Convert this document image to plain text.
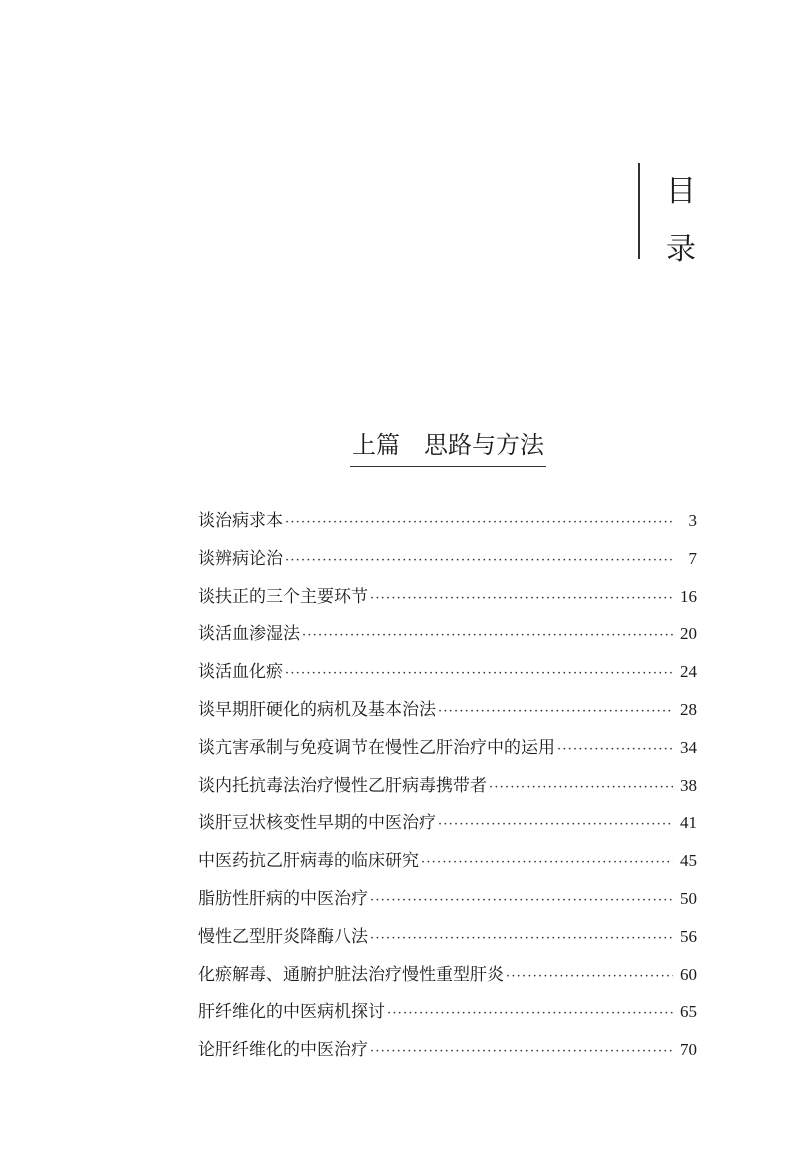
目录
上篇　思路与方法
谈治病求本 ·····	3
谈辨病论治 ·····	7
谈扶正的三个主要环节 ·····	16
谈活血渗湿法 ·····	20
谈活血化瘀 ·····	24
谈早期肝硬化的病机及基本治法 ·····	28
谈亢害承制与免疫调节在慢性乙肝治疗中的运用 ·····	34
谈内托抗毒法治疗慢性乙肝病毒携带者 ·····	38
谈肝豆状核变性早期的中医治疗 ·····	41
中医药抗乙肝病毒的临床研究 ·····	45
脂肪性肝病的中医治疗 ·····	50
慢性乙型肝炎降酶八法 ·····	56
化瘀解毒、通腑护脏法治疗慢性重型肝炎 ·····	60
肝纤维化的中医病机探讨 ·····	65
论肝纤维化的中医治疗 ·····	70
